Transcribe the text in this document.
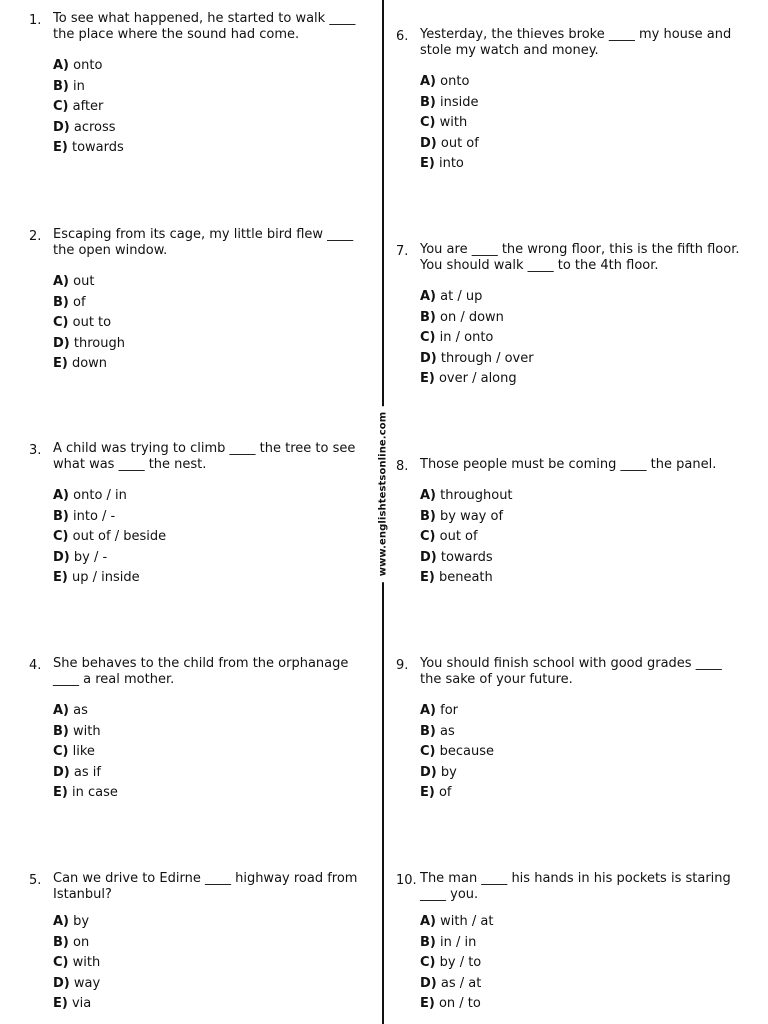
www.englishtestsonline.com
1. To see what happened, he started to walk ____ the place where the sound had come.
A) onto
B) in
C) after
D) across
E) towards
2. Escaping from its cage, my little bird flew ____ the open window.
A) out
B) of
C) out to
D) through
E) down
3. A child was trying to climb ____ the tree to see what was ____ the nest.
A) onto / in
B) into / -
C) out of / beside
D) by / -
E) up / inside
4. She behaves to the child from the orphanage ____ a real mother.
A) as
B) with
C) like
D) as if
E) in case
5. Can we drive to Edirne ____ highway road from Istanbul?
A) by
B) on
C) with
D) way
E) via
6. Yesterday, the thieves broke ____ my house and stole my watch and money.
A) onto
B) inside
C) with
D) out of
E) into
7. You are ____ the wrong floor, this is the fifth floor. You should walk ____ to the 4th floor.
A) at / up
B) on / down
C) in / onto
D) through / over
E) over / along
8. Those people must be coming ____ the panel.
A) throughout
B) by way of
C) out of
D) towards
E) beneath
9. You should finish school with good grades ____ the sake of your future.
A) for
B) as
C) because
D) by
E) of
10. The man ____ his hands in his pockets is staring ____ you.
A) with / at
B) in / in
C) by / to
D) as / at
E) on / to
